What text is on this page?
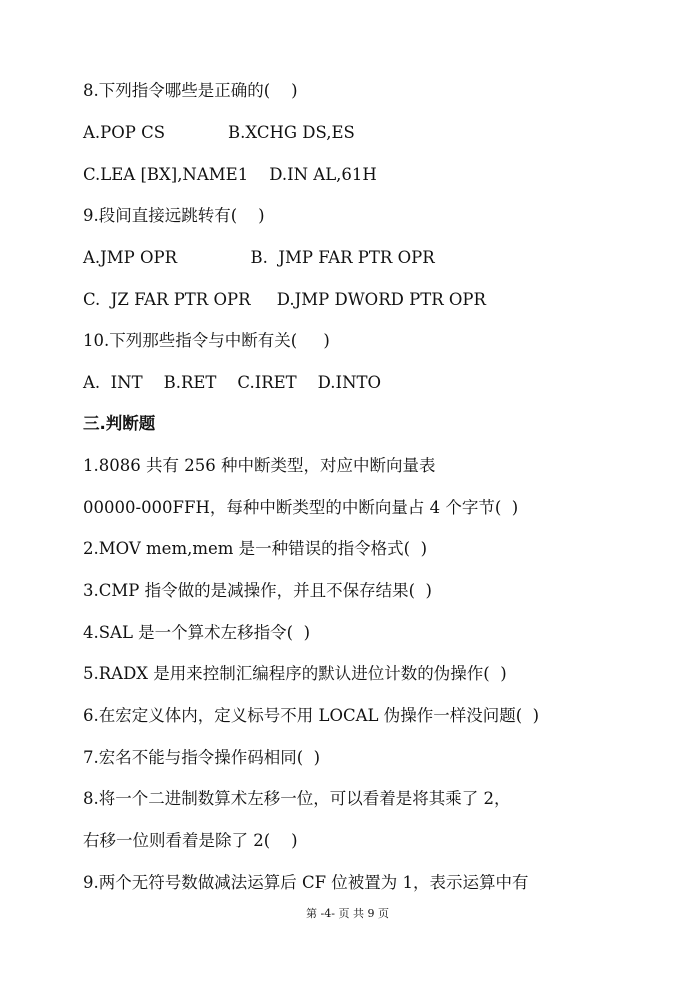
8.下列指令哪些是正确的(    )
A.POP CS            B.XCHG DS,ES
C.LEA [BX],NAME1    D.IN AL,61H
9.段间直接远跳转有(    )
A.JMP OPR              B.  JMP FAR PTR OPR
C.  JZ FAR PTR OPR     D.JMP DWORD PTR OPR
10.下列那些指令与中断有关(     )
A.  INT    B.RET    C.IRET    D.INTO
三.判断题
1.8086 共有 256 种中断类型，对应中断向量表
00000-000FFH，每种中断类型的中断向量占 4 个字节(  )
2.MOV mem,mem 是一种错误的指令格式(  )
3.CMP 指令做的是减操作，并且不保存结果(  )
4.SAL 是一个算术左移指令(  )
5.RADX 是用来控制汇编程序的默认进位计数的伪操作(  )
6.在宏定义体内，定义标号不用 LOCAL 伪操作一样没问题(  )
7.宏名不能与指令操作码相同(  )
8.将一个二进制数算术左移一位，可以看着是将其乘了 2，
右移一位则看着是除了 2(    )
9.两个无符号数做减法运算后 CF 位被置为 1，表示运算中有
第 -4- 页 共 9 页
